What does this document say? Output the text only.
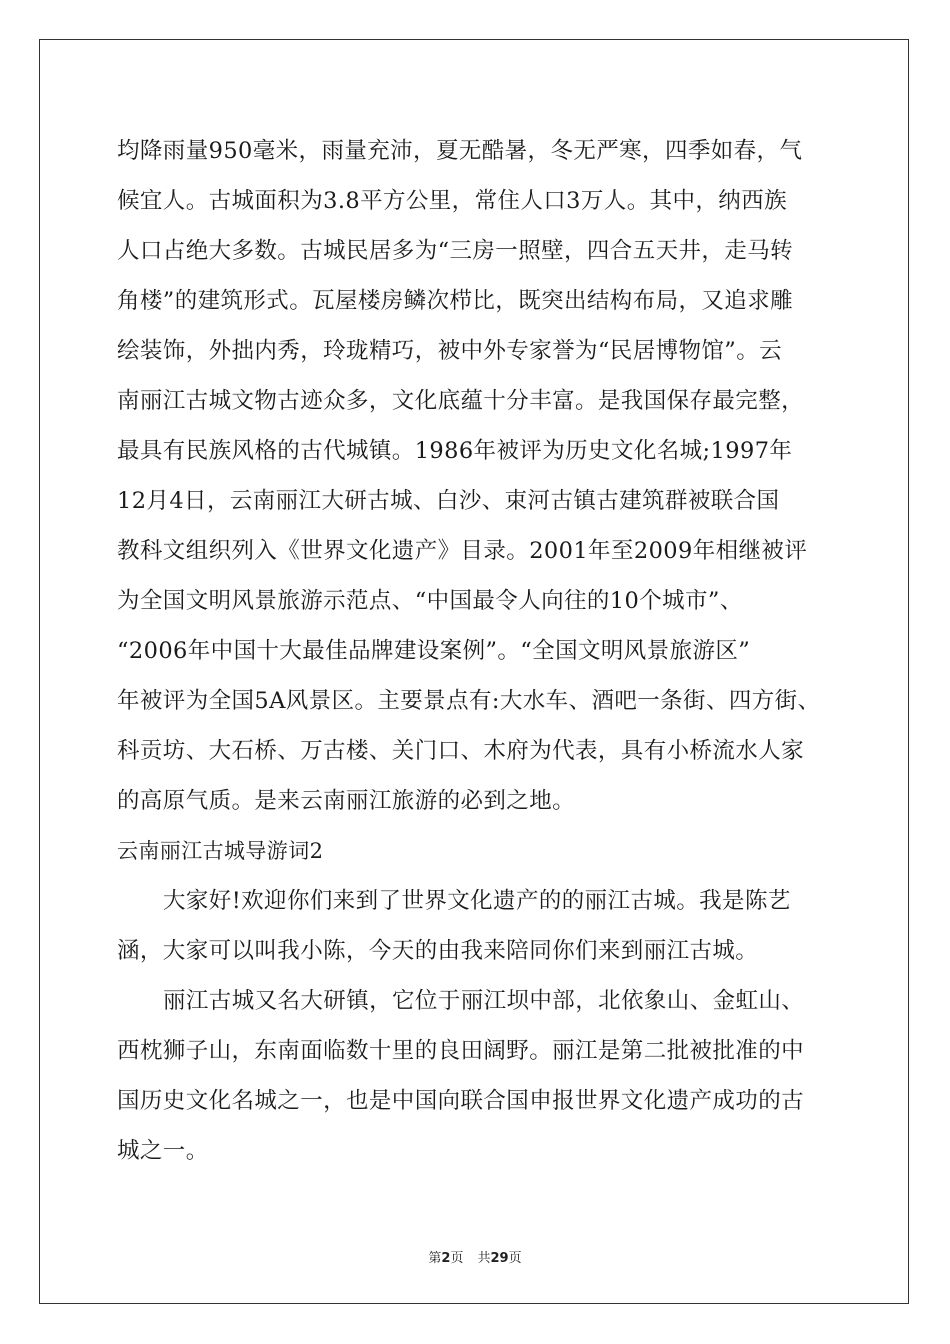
均降雨量950毫米，雨量充沛，夏无酷暑，冬无严寒，四季如春，气
候宜人。古城面积为3.8平方公里，常住人口3万人。其中，纳西族
人口占绝大多数。古城民居多为“三房一照壁，四合五天井，走马转
角楼”的建筑形式。瓦屋楼房鳞次栉比，既突出结构布局，又追求雕
绘装饰，外拙内秀，玲珑精巧，被中外专家誉为“民居博物馆”。云
南丽江古城文物古迹众多，文化底蕴十分丰富。是我国保存最完整，
最具有民族风格的古代城镇。1986年被评为历史文化名城;1997年
12月4日，云南丽江大研古城、白沙、束河古镇古建筑群被联合国
教科文组织列入《世界文化遗产》目录。2001年至2009年相继被评
为全国文明风景旅游示范点、“中国最令人向往的10个城市”、
“2006年中国十大最佳品牌建设案例”。“全国文明风景旅游区”
年被评为全国5A风景区。主要景点有:大水车、酒吧一条街、四方街、
科贡坊、大石桥、万古楼、关门口、木府为代表，具有小桥流水人家
的高原气质。是来云南丽江旅游的必到之地。
云南丽江古城导游词2
大家好!欢迎你们来到了世界文化遗产的的丽江古城。我是陈艺
涵，大家可以叫我小陈，今天的由我来陪同你们来到丽江古城。
丽江古城又名大研镇，它位于丽江坝中部，北依象山、金虹山、
西枕狮子山，东南面临数十里的良田阔野。丽江是第二批被批准的中
国历史文化名城之一，也是中国向联合国申报世界文化遗产成功的古
城之一。
第2页 共29页
